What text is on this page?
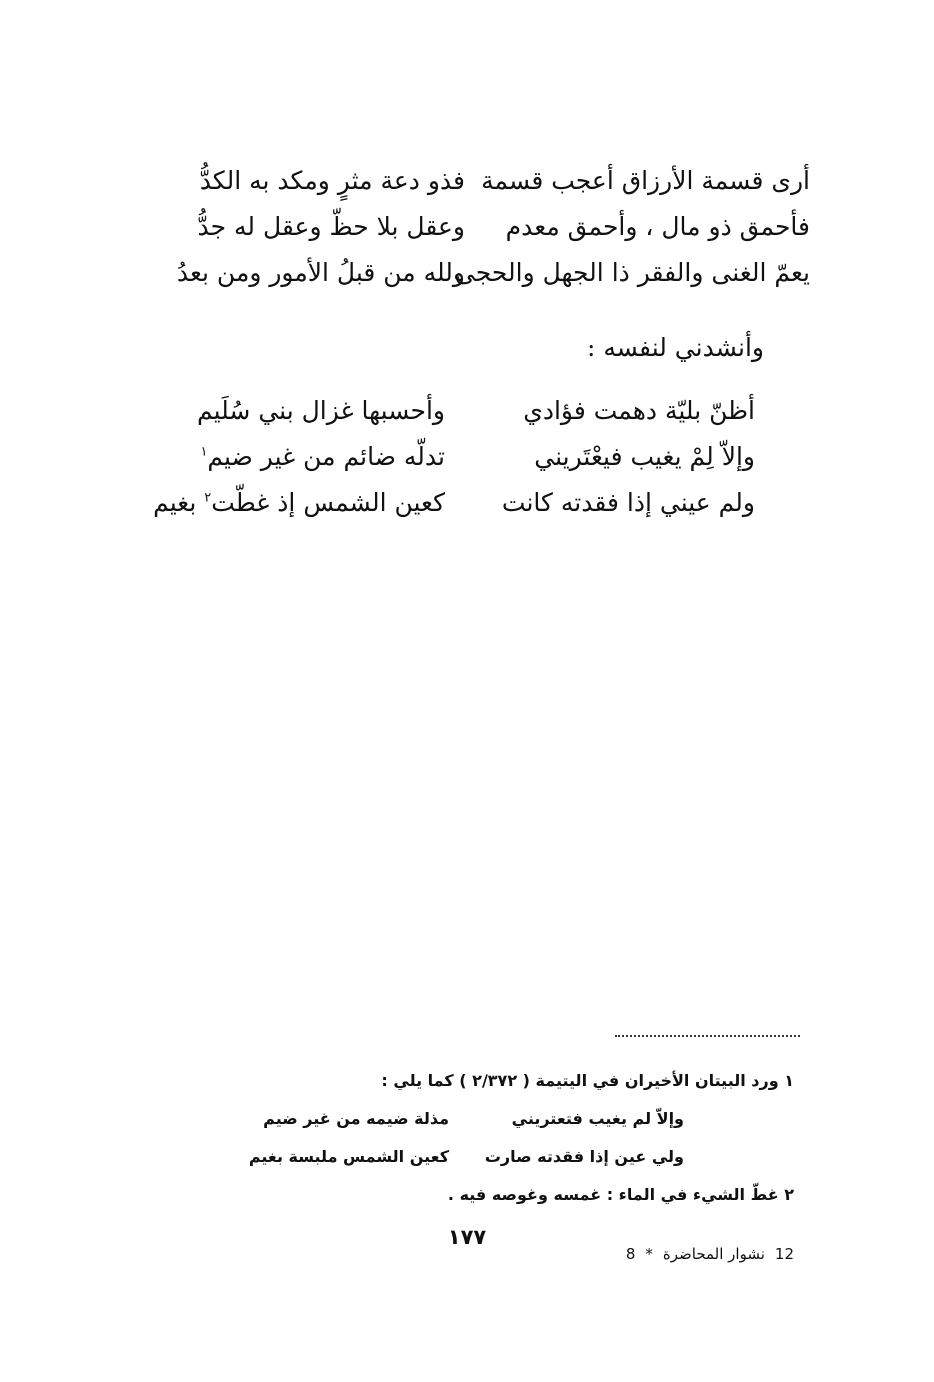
أرى قسمة الأرزاق أعجب قسمة
فذو دعة مثرٍ ومكد به الكدُّ
فأحمق ذو مال ، وأحمق معدم
وعقل بلا حظّ وعقل له جدُّ
يعمّ الغنى والفقر ذا الجهل والحجى
ولله من قبلُ الأمور ومن بعدُ
وأنشدني لنفسه :
أظنّ بليّة دهمت فؤادي
وأحسبها غزال بني سُلَيم
وإلاّ لِمْ يغيب فيعْتَريني
تدلّه ضائم من غير ضيم$^١$
ولم عيني إذا فقدته كانت
كعين الشمس إذ غطّت$^٢$ بغيم
١ ورد البيتان الأخيران في اليتيمة ( ٢/٣٧٢ ) كما يلي :
وإلاّ لم يغيب فتعتريني
مذلة ضيمه من غير ضيم
ولي عين إذا فقدته صارت
كعين الشمس ملبسة بغيم
٢ غطّ الشيء في الماء : غمسه وغوصه فيه .
١٧٧
12نشوار المحاضرة*8
